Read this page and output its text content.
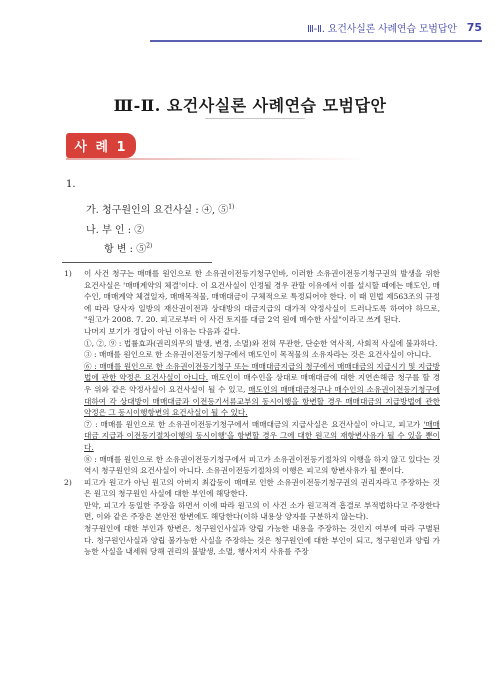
Ⅲ-Ⅱ. 요건사실론 사례연습 모범답안 75
Ⅲ-Ⅱ. 요건사실론 사례연습 모범답안
사 례 1
1.
가. 청구원인의 요건사실 : ④, ⑤$^{1)}$
나. 부 인 : ②
항 변 : ⑤$^{2)}$
1)	이 사건 청구는 매매를 원인으로 한 소유권이전등기청구인바, 이러한 소유권이전등기청구권의 발생을 위한 요건사실은 '매매계약의 체결'이다. 이 요건사실이 인정될 경우 관할 이유에서 이를 설시할 때에는 매도인, 매수인, 매매계약 체결일자, 매매목적물, 매매대금이 구체적으로 특정되어야 한다. 이 때 민법 제563조의 규정에 따라 당사자 일방의 재산권이전과 상대방의 대금지급의 대가적 약정사실이 드러나도록 하여야 하므로, "원고가 2008. 7. 20. 피고로부터 이 사건 토지를 대금 2억 원에 매수한 사실"이라고 쓰게 된다.

나머지 보기가 정답이 아닌 이유는 다음과 같다.

①, ②, ⑨ : 법률효과(권리의무의 발생, 변경, 소멸)와 전혀 무관한, 단순한 역사적, 사회적 사실에 불과하다.

③ : 매매를 원인으로 한 소유권이전등기청구에서 매도인이 목적물의 소유자라는 것은 요건사실이 아니다.

⑥ : 매매를 원인으로 한 소유권이전등기청구 또는 매매대금지급의 청구에서 매매대금의 지급시기 및 지급방법에 관한 약정은 요건사실이 아니다. 매도인이 매수인을 상대로 매매대금에 대한 지연손해금 청구를 할 경우 위와 같은 약정사실이 요건사실이 될 수 있고, 매도인의 매매대금청구나 매수인의 소유권이전등기청구에 대하여 각 상대방이 매매대금과 이전등기서류교부의 동시이행을 항변할 경우 매매대금의 지급방법에 관한 약정은 그 동시이행항변의 요건사실이 될 수 있다.

⑦ : 매매를 원인으로 한 소유권이전등기청구에서 매매대금의 지급사실은 요건사실이 아니고, 피고가 '매매대금 지급과 이전등기절차이행의 동시이행'을 항변할 경우 그에 대한 원고의 재항변사유가 될 수 있을 뿐이다.

⑧ : 매매를 원인으로 한 소유권이전등기청구에서 피고가 소유권이전등기절차의 이행을 하지 않고 있다는 것 역시 청구원인의 요건사실이 아니다. 소유권이전등기절차의 이행은 피고의 항변사유가 될 뿐이다.

2)	피고가 원고가 아닌 원고의 아버지 최갑동이 매매로 인한 소유권이전등기청구권의 권리자라고 주장하는 것은 원고의 청구원인 사실에 대한 부인에 해당한다.

만약, 피고가 동일한 주장을 하면서 이에 따라 원고의 이 사건 소가 원고적격 흠결로 부적법하다고 주장한다면, 이와 같은 주장은 본안전 항변에도 해당한다(이하 내용상 양자를 구분하지 않는다).

청구원인에 대한 부인과 항변은, 청구원인사실과 양립 가능한 내용을 주장하는 것인지 여부에 따라 구별된다. 청구원인사실과 양립 불가능한 사실을 주장하는 것은 청구원인에 대한 부인이 되고, 청구원인과 양립 가능한 사실을 내세워 당해 권리의 불발생, 소멸, 행사저지 사유를 주장
